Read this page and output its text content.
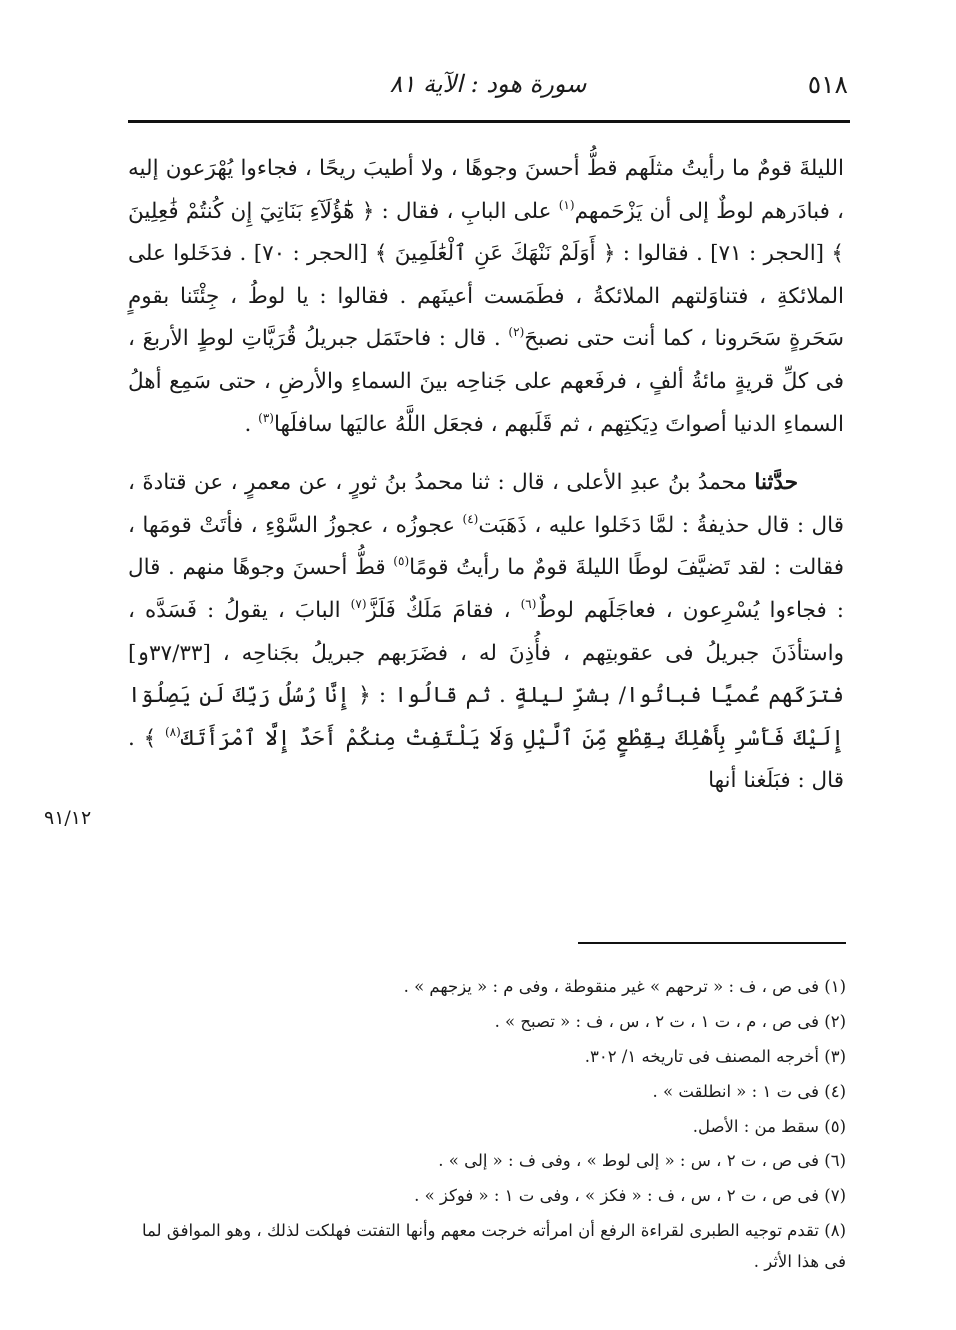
٥١٨
سورة هود : الآية ٨١

الليلةَ قومٌ ما رأيتُ مثلَهم قطُّ أحسنَ وجوهًا ، ولا أطيبَ ريحًا ، فجاءوا يُهْرَعون إليه ، فبادَرهم لوطٌ إلى أن يَزْحَمهم$^{(١)}$ على البابِ ، فقال : ﴿ هَٰٓؤُلَآءِ بَنَاتِيٓ إِن كُنتُمْ فَٰعِلِينَ ﴾ [الحجر : ٧١] . فقالوا : ﴿ أَوَلَمْ نَنْهَكَ عَنِ ٱلْعَٰلَمِينَ ﴾ [الحجر : ٧٠] . فدَخَلوا على الملائكةِ ، فتناوَلتهم الملائكةُ ، فطَمَست أعينَهم . فقالوا : يا لوطُ ، جِئْتَنا بقومٍ سَحَرةٍ سَحَرونا ، كما أنت حتى نصبحَ$^{(٢)}$ . قال : فاحتَمَل جبريلُ قُرَيَّاتِ لوطٍ الأربعَ ، فى كلِّ قريةٍ مائةُ ألفٍ ، فرفَعهم على جَناحِه بينَ السماءِ والأرضِ ، حتى سَمِع أهلُ السماءِ الدنيا أصواتَ دِيَكتِهم ، ثم قَلَبهم ، فجعَل اللَّهُ عاليَها سافلَها$^{(٣)}$ .

حدَّثنا محمدُ بنُ عبدِ الأعلى ، قال : ثنا محمدُ بنُ ثورٍ ، عن معمرٍ ، عن قتادةَ ، قال : قال حذيفةُ : لمَّا دَخَلوا عليه ، ذَهَبَت$^{(٤)}$ عجوزُه ، عجوزُ السَّوْءِ ، فأتَتْ قومَها ، فقالت : لقد تَضيَّفَ لوطًا الليلةَ قومٌ ما رأيتُ قومًا$^{(٥)}$ قطُّ أحسنَ وجوهًا منهم . قال : فجاءوا يُسْرِعون ، فعاجَلَهم لوطٌ$^{(٦)}$ ، فقامَ مَلَكٌ فَلَزَّ$^{(٧)}$ البابَ ، يقولُ : فَسَدَّه ، واستأذَنَ جبريلُ فى عقوبتِهم ، فأُذِنَ له ، فضَرَبهم جبريلُ بجَناحِه ، [٣٧/٣٣و] فترَكَهم عُميًا فباتُوا/ بشرِّ ليلةٍ . ثم قالُوا : ﴿ إِنَّا رُسُلُ رَبِّكَ لَن يَصِلُوٓا إِلَيْكَ فَأَسْرِ بِأَهْلِكَ بِقِطْعٍ مِّنَ ٱلَّيْلِ وَلَا يَلْتَفِتْ مِنكُمْ أَحَدٌ إِلَّا ٱمْرَأَتَكَ$^{(٨)}$ ﴾ . قال : فبَلَغنا أنها

٩١/١٢

(١) فى ص ، ف : « ترحهم » غير منقوطة ، وفى م : « يزجهم » .

(٢) فى ص ، م ، ت ١ ، ت ٢ ، س ، ف : « تصبح » .

(٣) أخرجه المصنف فى تاريخه ١/ ٣٠٢.

(٤) فى ت ١ : « انطلقت » .

(٥) سقط من : الأصل.

(٦) فى ص ، ت ٢ ، س : « إلى لوط » ، وفى ف : « إلى » .

(٧) فى ص ، ت ٢ ، س ، ف : « فكز » ، وفى ت ١ : « فوكز » .

(٨) تقدم توجيه الطبرى لقراءة الرفع أن امرأته خرجت معهم وأنها التفتت فهلكت لذلك ، وهو الموافق لما فى هذا الأثر .
